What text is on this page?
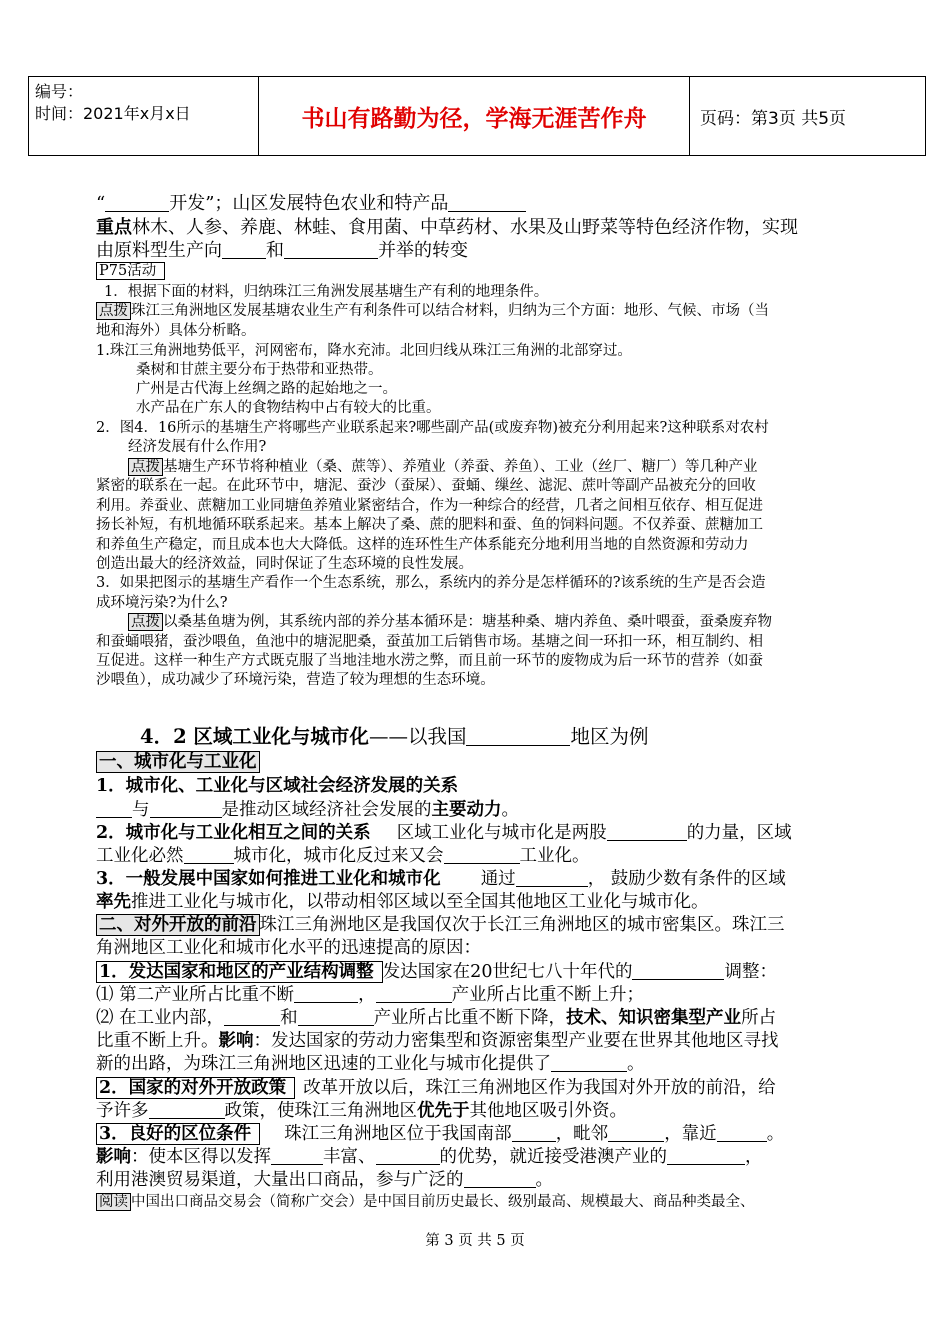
编号：
时间：2021年x月x日	书山有路勤为径，学海无涯苦作舟	页码：第3页 共5页
“	开发”；山区发展特色农业和特产品
重点林木、人参、养鹿、林蛙、食用菌、中草药材、水果及山野菜等特色经济作物，实现
由原料型生产向 和	并举的转变
P75活动
1．根据下面的材料，归纳珠江三角洲发展基塘生产有利的地理条件。
点拨 珠江三角洲地区发展基塘农业生产有利条件可以结合材料，归纳为三个方面：地形、气候、市场（当
地和海外）具体分析略。
1.珠江三角洲地势低平，河网密布，降水充沛。北回归线从珠江三角洲的北部穿过。
桑树和甘蔗主要分布于热带和亚热带。
广州是古代海上丝绸之路的起始地之一。
水产品在广东人的食物结构中占有较大的比重。
2．图4．16所示的基塘生产将哪些产业联系起来?哪些副产品(或废弃物)被充分利用起来?这种联系对农村
经济发展有什么作用?
点拨 基塘生产环节将种植业（桑、蔗等）、养殖业（养蚕、养鱼）、工业（丝厂、糖厂）等几种产业
紧密的联系在一起。在此环节中，塘泥、蚕沙（蚕屎）、蚕蛹、缫丝、滤泥、蔗叶等副产品被充分的回收
利用。养蚕业、蔗糖加工业同塘鱼养殖业紧密结合，作为一种综合的经营，几者之间相互依存、相互促进
扬长补短，有机地循环联系起来。基本上解决了桑、蔗的肥料和蚕、鱼的饲料问题。不仅养蚕、蔗糖加工
和养鱼生产稳定，而且成本也大大降低。这样的连环性生产体系能充分地利用当地的自然资源和劳动力
创造出最大的经济效益，同时保证了生态环境的良性发展。
3．如果把图示的基塘生产看作一个生态系统，那么，系统内的养分是怎样循环的?该系统的生产是否会造
成环境污染?为什么?
点拨 以桑基鱼塘为例，其系统内部的养分基本循环是：塘基种桑、塘内养鱼、桑叶喂蚕，蚕桑废弃物
和蚕蛹喂猪，蚕沙喂鱼，鱼池中的塘泥肥桑，蚕茧加工后销售市场。基塘之间一环扣一环，相互制约、相
互促进。这样一种生产方式既克服了当地洼地水涝之弊，而且前一环节的废物成为后一环节的营养（如蚕
沙喂鱼），成功减少了环境污染，营造了较为理想的生态环境。
4．2 区域工业化与城市化——以我国	地区为例
一、城市化与工业化
1．城市化、工业化与区域社会经济发展的关系
与	是推动区域经济社会发展的主要动力。
2．城市化与工业化相互之间的关系 区域工业化与城市化是两股	的力量，区域
工业化必然	城市化，城市化反过来又会	工业化。
3．一般发展中国家如何推进工业化和城市化 通过	， 鼓励少数有条件的区域
率先推进工业化与城市化，以带动相邻区域以至全国其他地区工业化与城市化。
二、对外开放的前沿 珠江三角洲地区是我国仅次于长江三角洲地区的城市密集区。珠江三
角洲地区工业化和城市化水平的迅速提高的原因：
1．发达国家和地区的产业结构调整 发达国家在20世纪七八十年代的	调整：
⑴ 第二产业所占比重不断	，	产业所占比重不断上升；
⑵ 在工业内部，	和	产业所占比重不断下降，技术、知识密集型产业所占
比重不断上升。影响：发达国家的劳动力密集型和资源密集型产业要在世界其他地区寻找
新的出路，为珠江三角洲地区迅速的工业化与城市化提供了	。
2．国家的对外开放政策 改革开放以后，珠江三角洲地区作为我国对外开放的前沿，给
予许多	政策，使珠江三角洲地区优先于其他地区吸引外资。
3．良好的区位条件 珠江三角洲地区位于我国南部	，毗邻	，靠近	。
影响：使本区得以发挥	丰富、	的优势，就近接受港澳产业的	，
利用港澳贸易渠道，大量出口商品，参与广泛的	。
阅读 中国出口商品交易会（简称广交会）是中国目前历史最长、级别最高、规模最大、商品种类最全、
第 3 页 共 5 页
